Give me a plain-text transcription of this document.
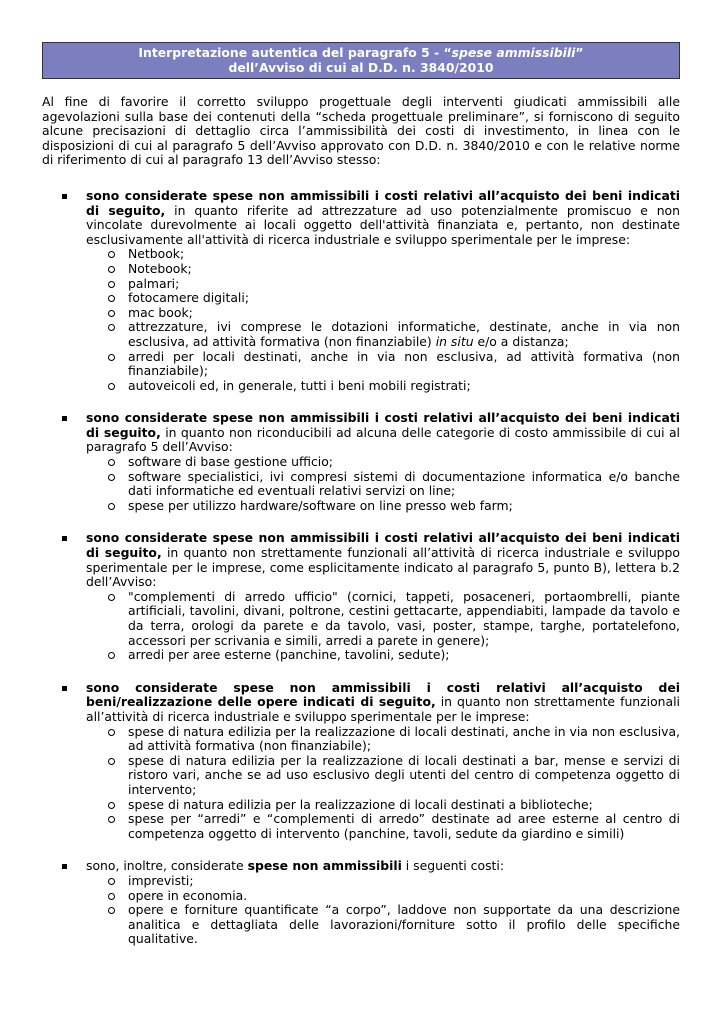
Interpretazione autentica del paragrafo 5 - “spese ammissibili”
dell’Avviso di cui al D.D. n. 3840/2010
Al fine di favorire il corretto sviluppo progettuale degli interventi giudicati ammissibili alle agevolazioni sulla base dei contenuti della “scheda progettuale preliminare”, si forniscono di seguito alcune precisazioni di dettaglio circa l’ammissibilità dei costi di investimento, in linea con le disposizioni di cui al paragrafo 5 dell’Avviso approvato con D.D. n. 3840/2010 e con le relative norme di riferimento di cui al paragrafo 13 dell’Avviso stesso:
sono considerate spese non ammissibili i costi relativi all’acquisto dei beni indicati di seguito, in quanto riferite ad attrezzature ad uso potenzialmente promiscuo e non vincolate durevolmente ai locali oggetto dell'attività finanziata e, pertanto, non destinate esclusivamente all'attività di ricerca industriale e sviluppo sperimentale per le imprese:
Netbook;
Notebook;
palmari;
fotocamere digitali;
mac book;
attrezzature, ivi comprese le dotazioni informatiche, destinate, anche in via non esclusiva, ad attività formativa (non finanziabile) in situ e/o a distanza;
arredi per locali destinati, anche in via non esclusiva, ad attività formativa (non finanziabile);
autoveicoli ed, in generale, tutti i beni mobili registrati;
sono considerate spese non ammissibili i costi relativi all’acquisto dei beni indicati di seguito, in quanto non riconducibili ad alcuna delle categorie di costo ammissibile di cui al paragrafo 5 dell’Avviso:
software di base gestione ufficio;
software specialistici, ivi compresi sistemi di documentazione informatica e/o banche dati informatiche ed eventuali relativi servizi on line;
spese per utilizzo hardware/software on line presso web farm;
sono considerate spese non ammissibili i costi relativi all’acquisto dei beni indicati di seguito, in quanto non strettamente funzionali all’attività di ricerca industriale e sviluppo sperimentale per le imprese, come esplicitamente indicato al paragrafo 5, punto B), lettera b.2 dell’Avviso:
"complementi di arredo ufficio" (cornici, tappeti, posaceneri, portaombrelli, piante artificiali, tavolini, divani, poltrone, cestini gettacarte, appendiabiti, lampade da tavolo e da terra, orologi da parete e da tavolo, vasi, poster, stampe, targhe, portatelefono, accessori per scrivania e simili, arredi a parete in genere);
arredi per aree esterne (panchine, tavolini, sedute);
sono considerate spese non ammissibili i costi relativi all’acquisto dei beni/realizzazione delle opere indicati di seguito, in quanto non strettamente funzionali all’attività di ricerca industriale e sviluppo sperimentale per le imprese:
spese di natura edilizia per la realizzazione di locali destinati, anche in via non esclusiva, ad attività formativa (non finanziabile);
spese di natura edilizia per la realizzazione di locali destinati a bar, mense e servizi di ristoro vari, anche se ad uso esclusivo degli utenti del centro di competenza oggetto di intervento;
spese di natura edilizia per la realizzazione di locali destinati a biblioteche;
spese per “arredi” e “complementi di arredo” destinate ad aree esterne al centro di competenza oggetto di intervento (panchine, tavoli, sedute da giardino e simili)
sono, inoltre, considerate spese non ammissibili i seguenti costi:
imprevisti;
opere in economia.
opere e forniture quantificate “a corpo”, laddove non supportate da una descrizione analitica e dettagliata delle lavorazioni/forniture sotto il profilo delle specifiche qualitative.
